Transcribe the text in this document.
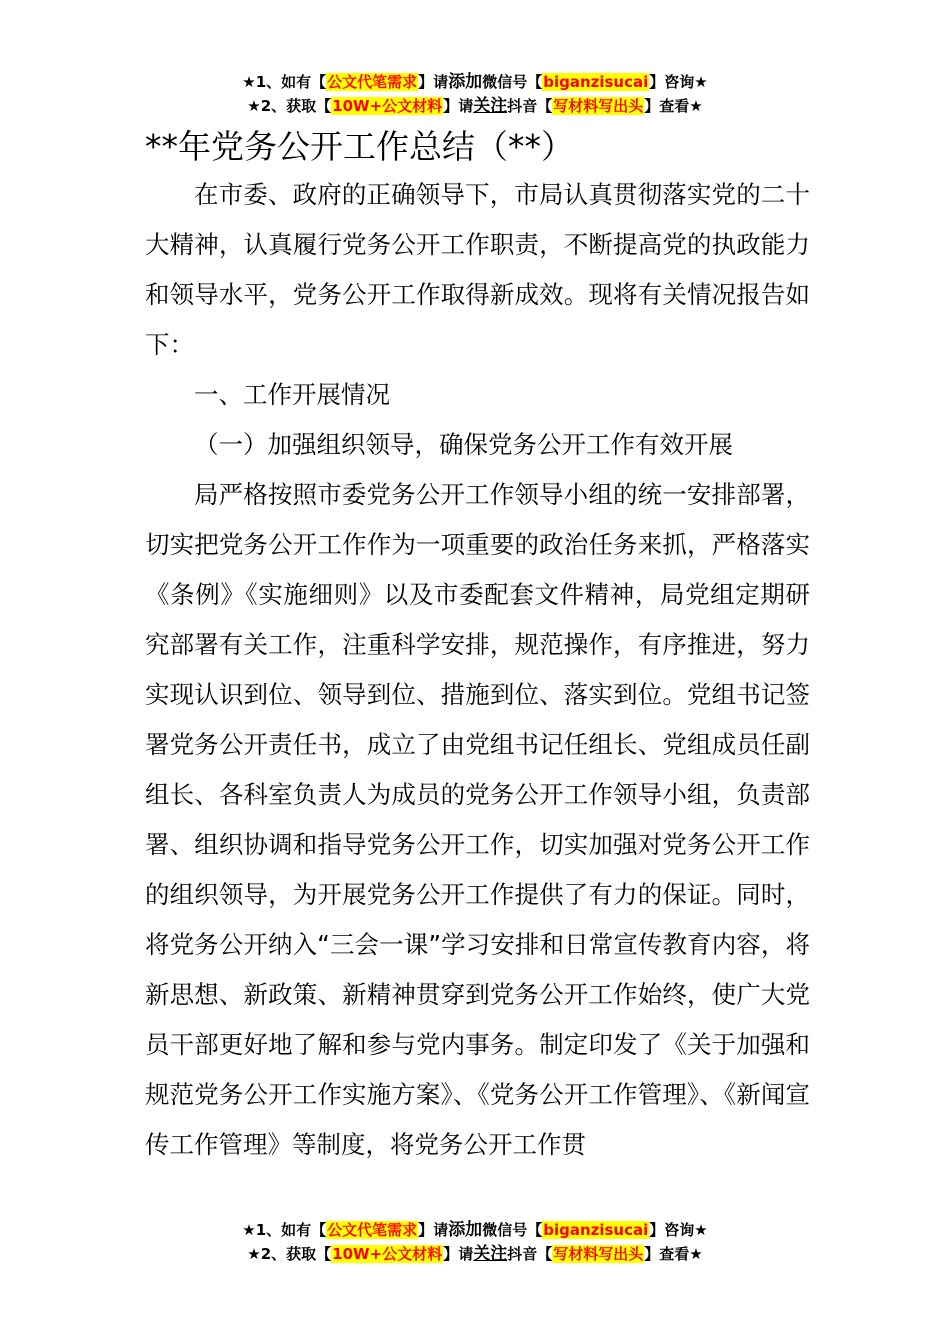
★1、如有【公文代笔需求】请添加微信号【biganzisucai】咨询★
★2、获取【10W+公文材料】请关注抖音【写材料写出头】查看★
**年党务公开工作总结（**）

在市委、政府的正确领导下，市局认真贯彻落实党的二十大精神，认真履行党务公开工作职责，不断提高党的执政能力和领导水平，党务公开工作取得新成效。现将有关情况报告如下：

一、工作开展情况

（一）加强组织领导，确保党务公开工作有效开展

局严格按照市委党务公开工作领导小组的统一安排部署，切实把党务公开工作作为一项重要的政治任务来抓，严格落实《条例》《实施细则》以及市委配套文件精神，局党组定期研究部署有关工作，注重科学安排，规范操作，有序推进，努力实现认识到位、领导到位、措施到位、落实到位。党组书记签署党务公开责任书，成立了由党组书记任组长、党组成员任副组长、各科室负责人为成员的党务公开工作领导小组，负责部署、组织协调和指导党务公开工作，切实加强对党务公开工作的组织领导，为开展党务公开工作提供了有力的保证。同时，将党务公开纳入“三会一课”学习安排和日常宣传教育内容，将新思想、新政策、新精神贯穿到党务公开工作始终，使广大党员干部更好地了解和参与党内事务。制定印发了《关于加强和规范党务公开工作实施方案》、《党务公开工作管理》、《新闻宣传工作管理》等制度，将党务公开工作贯

★1、如有【公文代笔需求】请添加微信号【biganzisucai】咨询★
★2、获取【10W+公文材料】请关注抖音【写材料写出头】查看★
